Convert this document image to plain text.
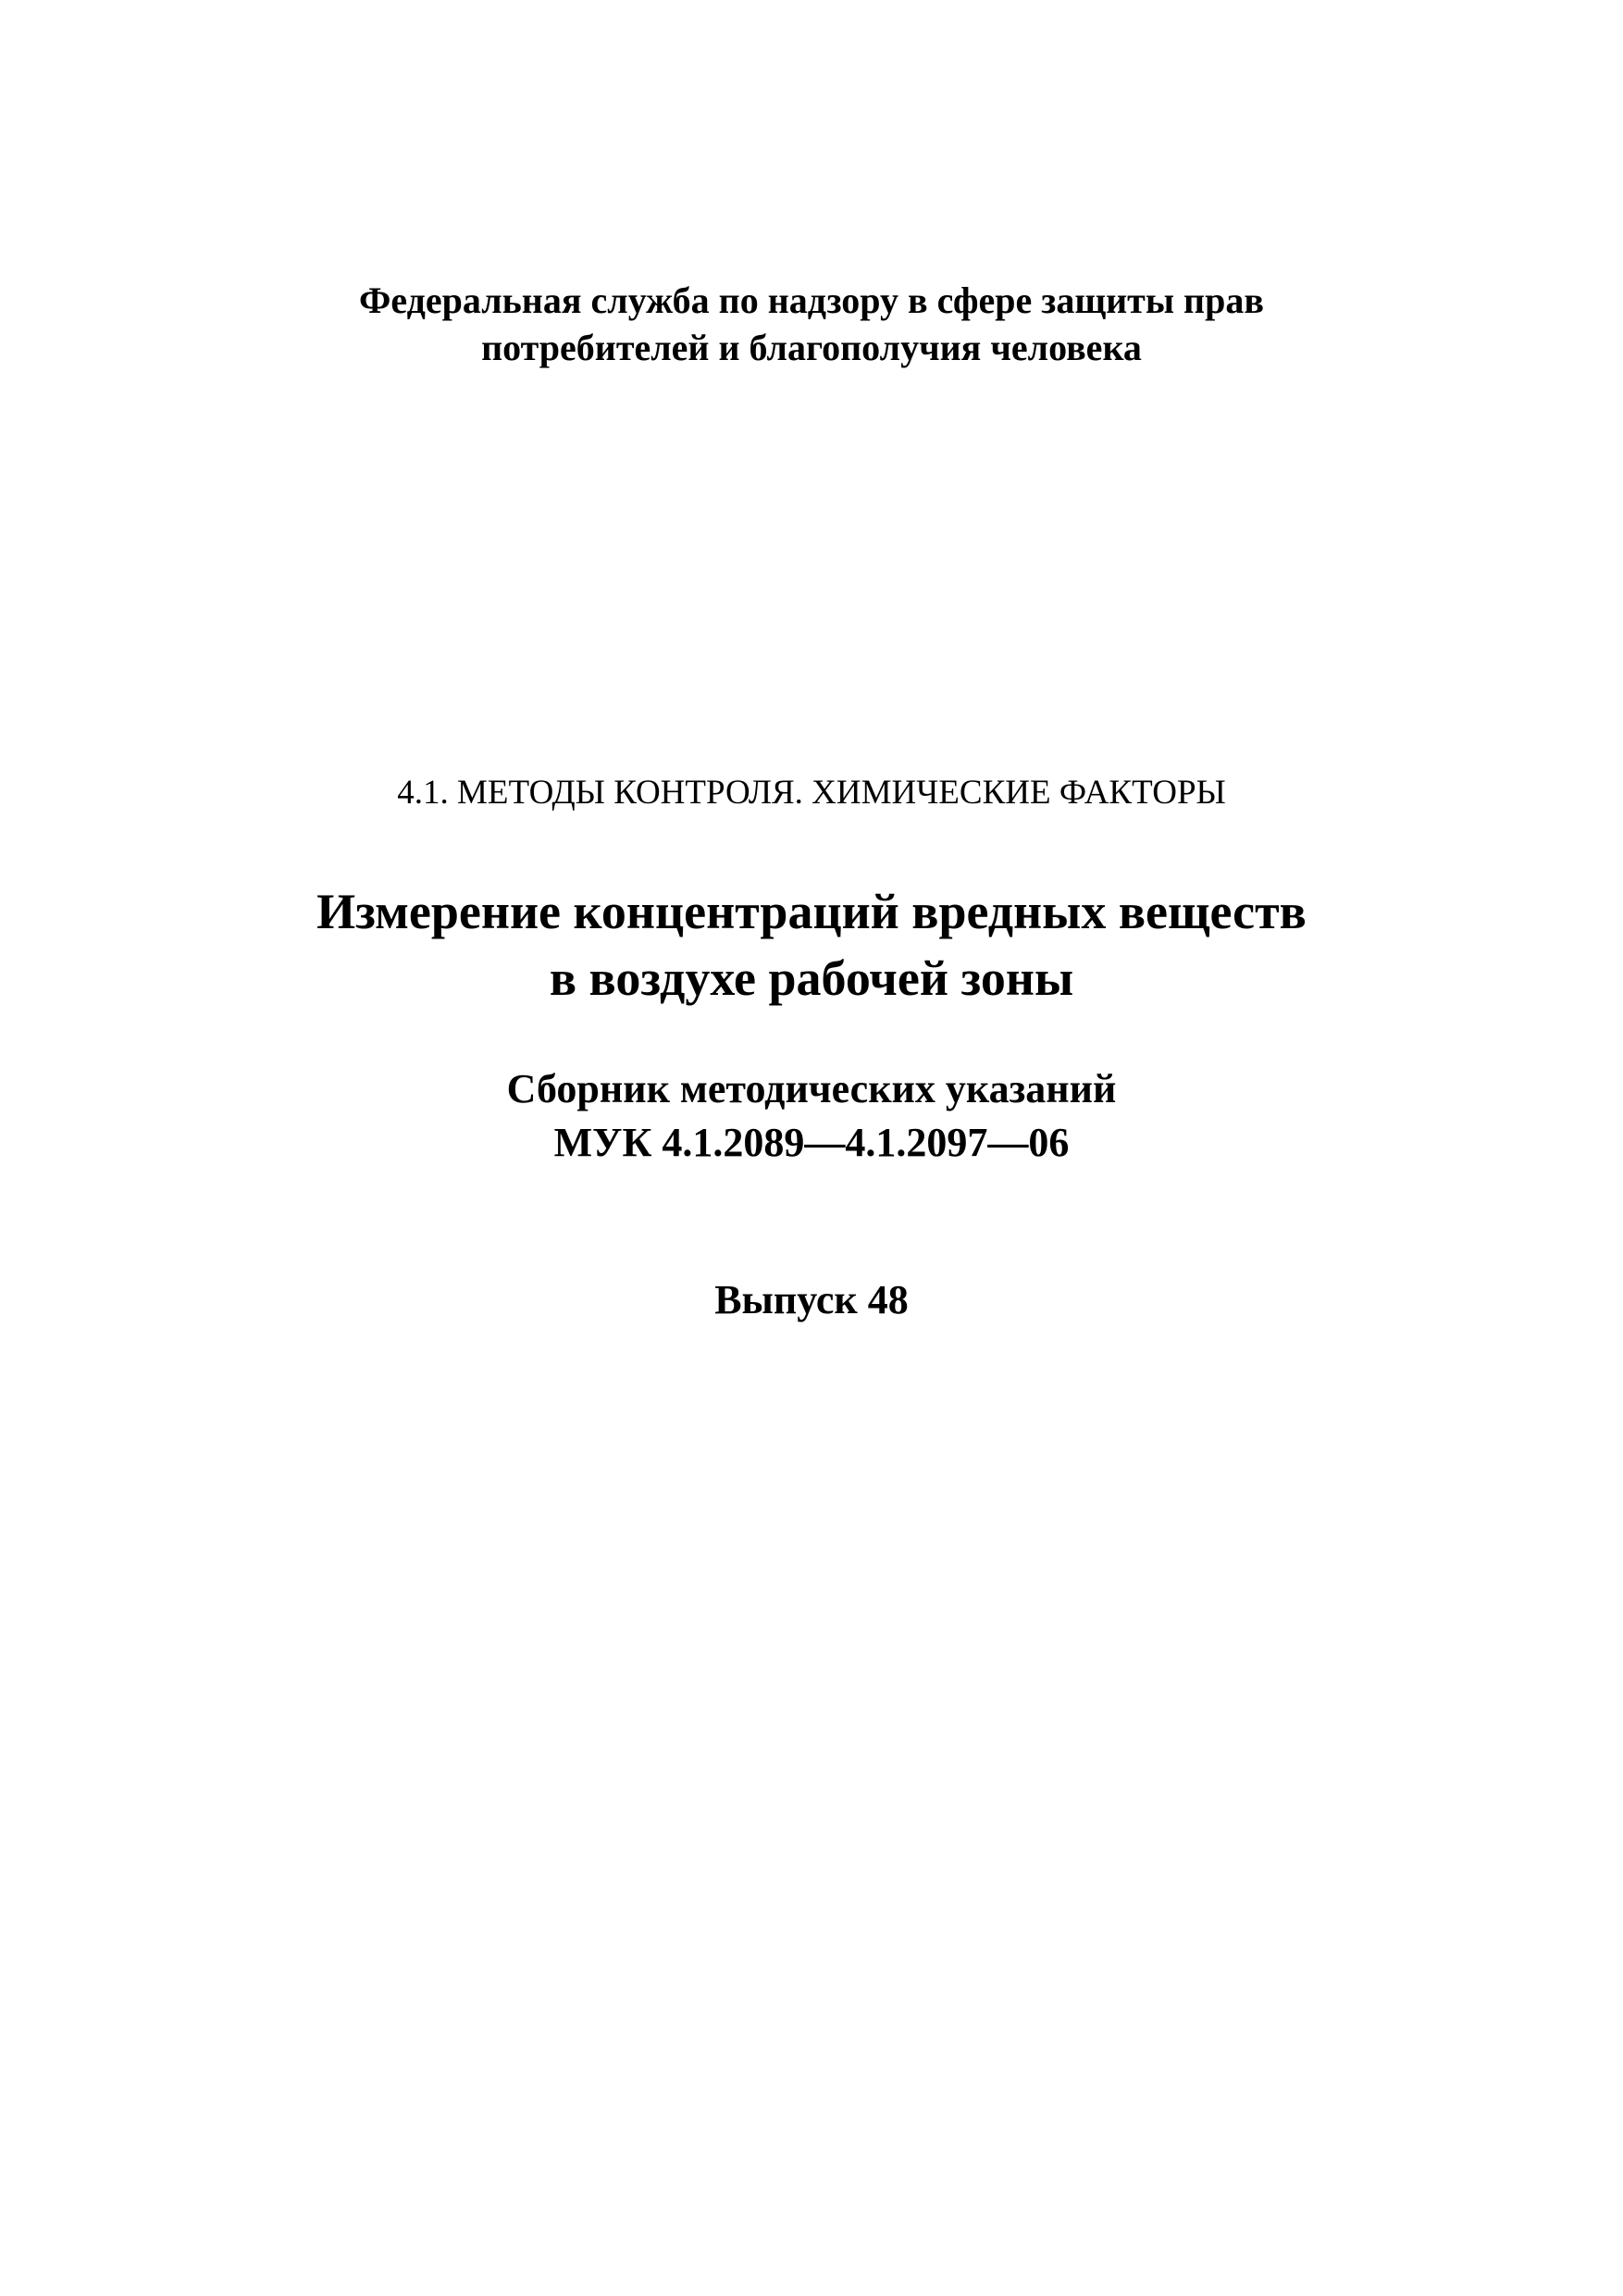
Федеральная служба по надзору в сфере защиты прав
потребителей и благополучия человека
4.1. МЕТОДЫ КОНТРОЛЯ. ХИМИЧЕСКИЕ ФАКТОРЫ
Измерение концентраций вредных веществ
в воздухе рабочей зоны
Сборник методических указаний
МУК 4.1.2089—4.1.2097—06
Выпуск 48
